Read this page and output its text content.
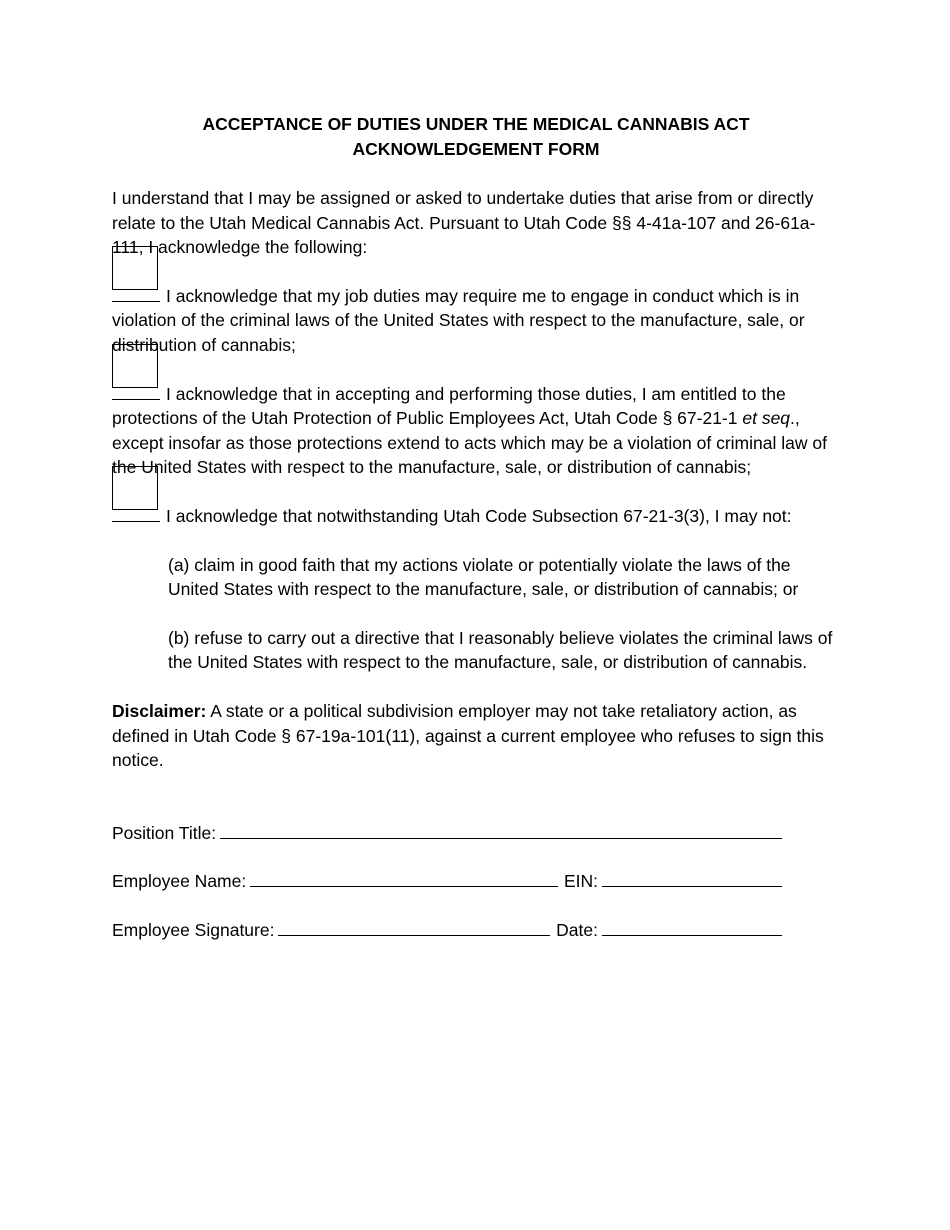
ACCEPTANCE OF DUTIES UNDER THE MEDICAL CANNABIS ACT ACKNOWLEDGEMENT FORM
I understand that I may be assigned or asked to undertake duties that arise from or directly relate to the Utah Medical Cannabis Act. Pursuant to Utah Code §§ 4-41a-107 and 26-61a-111, I acknowledge the following:
I acknowledge that my job duties may require me to engage in conduct which is in violation of the criminal laws of the United States with respect to the manufacture, sale, or distribution of cannabis;
I acknowledge that in accepting and performing those duties, I am entitled to the protections of the Utah Protection of Public Employees Act, Utah Code § 67-21-1 et seq., except insofar as those protections extend to acts which may be a violation of criminal law of the United States with respect to the manufacture, sale, or distribution of cannabis;
I acknowledge that notwithstanding Utah Code Subsection 67-21-3(3), I may not:
(a) claim in good faith that my actions violate or potentially violate the laws of the United States with respect to the manufacture, sale, or distribution of cannabis; or
(b) refuse to carry out a directive that I reasonably believe violates the criminal laws of the United States with respect to the manufacture, sale, or distribution of cannabis.
Disclaimer: A state or a political subdivision employer may not take retaliatory action, as defined in Utah Code § 67-19a-101(11), against a current employee who refuses to sign this notice.
Position Title:
Employee Name:	EIN:
Employee Signature:	Date:
